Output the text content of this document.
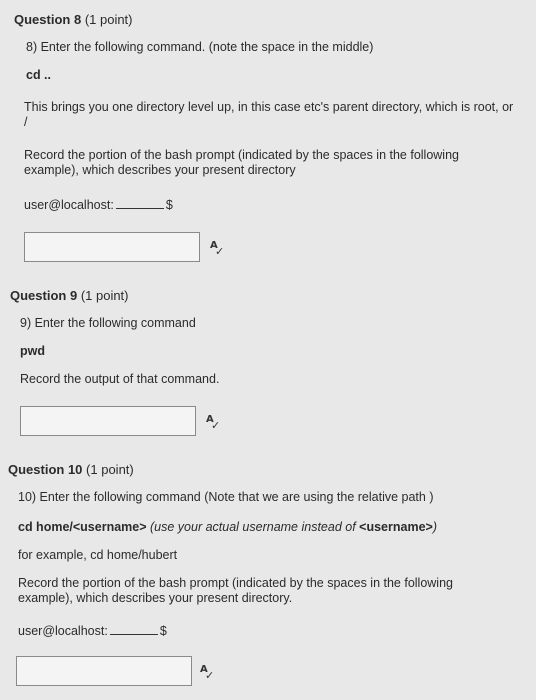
Question 8 (1 point)
8) Enter the following command. (note the space in the middle)
cd ..
This brings you one directory level up, in this case etc's parent directory, which is root, or /
Record the portion of the bash prompt (indicated by the spaces in the following example), which describes your present directory
user@localhost:	$
A
✓
Question 9 (1 point)
9) Enter the following command
pwd
Record the output of that command.
A
✓
Question 10 (1 point)
10) Enter the following command (Note that we are using the relative path )
cd home/<username> (use your actual username instead of <username>)
for example, cd home/hubert
Record the portion of the bash prompt (indicated by the spaces in the following example), which describes your present directory.
user@localhost:	$
A
✓
